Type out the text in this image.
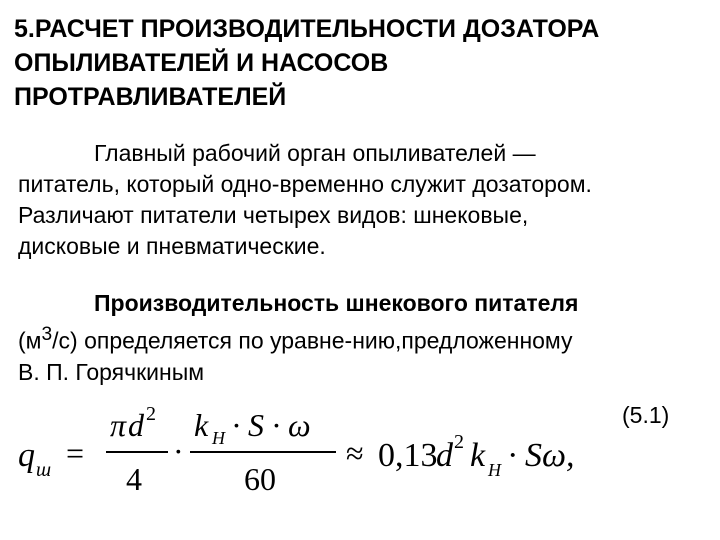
5.РАСЧЕТ ПРОИЗВОДИТЕЛЬНОСТИ ДОЗАТОРА
ОПЫЛИВАТЕЛЕЙ И НАСОСОВ
ПРОТРАВЛИВАТЕЛЕЙ

Главный рабочий орган опыливателей —
питатель, который одно-временно служит дозатором.
Различают питатели четырех видов: шнековые,
дисковые и пневматические.

Производительность шнекового питателя
$(м^3/с)$ определяется по уравне-нию,предложенному
В. П. Горячкиным

(5.1)
q ш =
π d 2
4
·
k H · S · ω
60
≈ 0,13
d 2 k H · Sω,
